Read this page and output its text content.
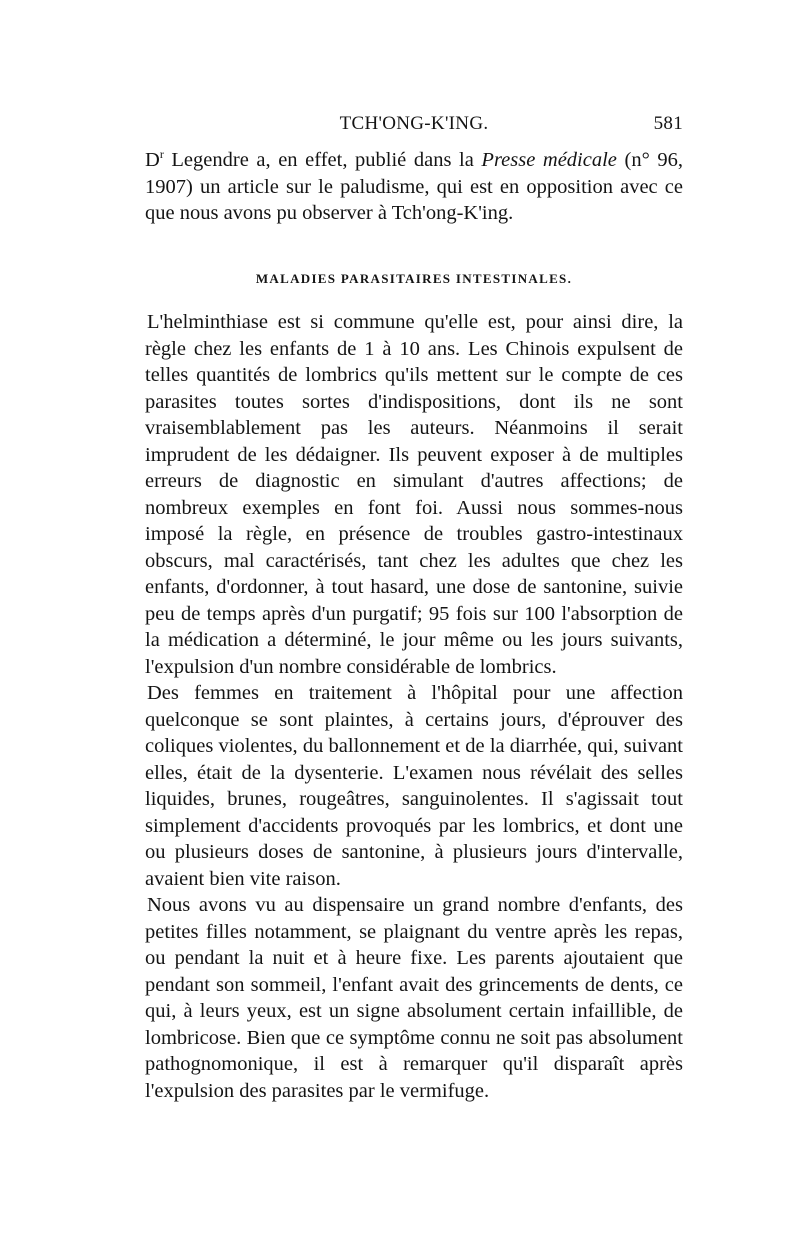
TCH'ONG-K'ING.	581

$D^r$ Legendre a, en effet, publié dans la Presse médicale (n° 96, 1907) un article sur le paludisme, qui est en opposition avec ce que nous avons pu observer à Tch'ong-K'ing.

MALADIES PARASITAIRES INTESTINALES.

L'helminthiase est si commune qu'elle est, pour ainsi dire, la règle chez les enfants de 1 à 10 ans. Les Chinois expulsent de telles quantités de lombrics qu'ils mettent sur le compte de ces parasites toutes sortes d'indispositions, dont ils ne sont vraisemblablement pas les auteurs. Néanmoins il serait imprudent de les dédaigner. Ils peuvent exposer à de multiples erreurs de diagnostic en simulant d'autres affections; de nombreux exemples en font foi. Aussi nous sommes-nous imposé la règle, en présence de troubles gastro-intestinaux obscurs, mal caractérisés, tant chez les adultes que chez les enfants, d'ordonner, à tout hasard, une dose de santonine, suivie peu de temps après d'un purgatif; 95 fois sur 100 l'absorption de la médication a déterminé, le jour même ou les jours suivants, l'expulsion d'un nombre considérable de lombrics.

Des femmes en traitement à l'hôpital pour une affection quelconque se sont plaintes, à certains jours, d'éprouver des coliques violentes, du ballonnement et de la diarrhée, qui, suivant elles, était de la dysenterie. L'examen nous révélait des selles liquides, brunes, rougeâtres, sanguinolentes. Il s'agissait tout simplement d'accidents provoqués par les lombrics, et dont une ou plusieurs doses de santonine, à plusieurs jours d'intervalle, avaient bien vite raison.

Nous avons vu au dispensaire un grand nombre d'enfants, des petites filles notamment, se plaignant du ventre après les repas, ou pendant la nuit et à heure fixe. Les parents ajoutaient que pendant son sommeil, l'enfant avait des grincements de dents, ce qui, à leurs yeux, est un signe absolument certain infaillible, de lombricose. Bien que ce symptôme connu ne soit pas absolument pathognomonique, il est à remarquer qu'il disparaît après l'expulsion des parasites par le vermifuge.
